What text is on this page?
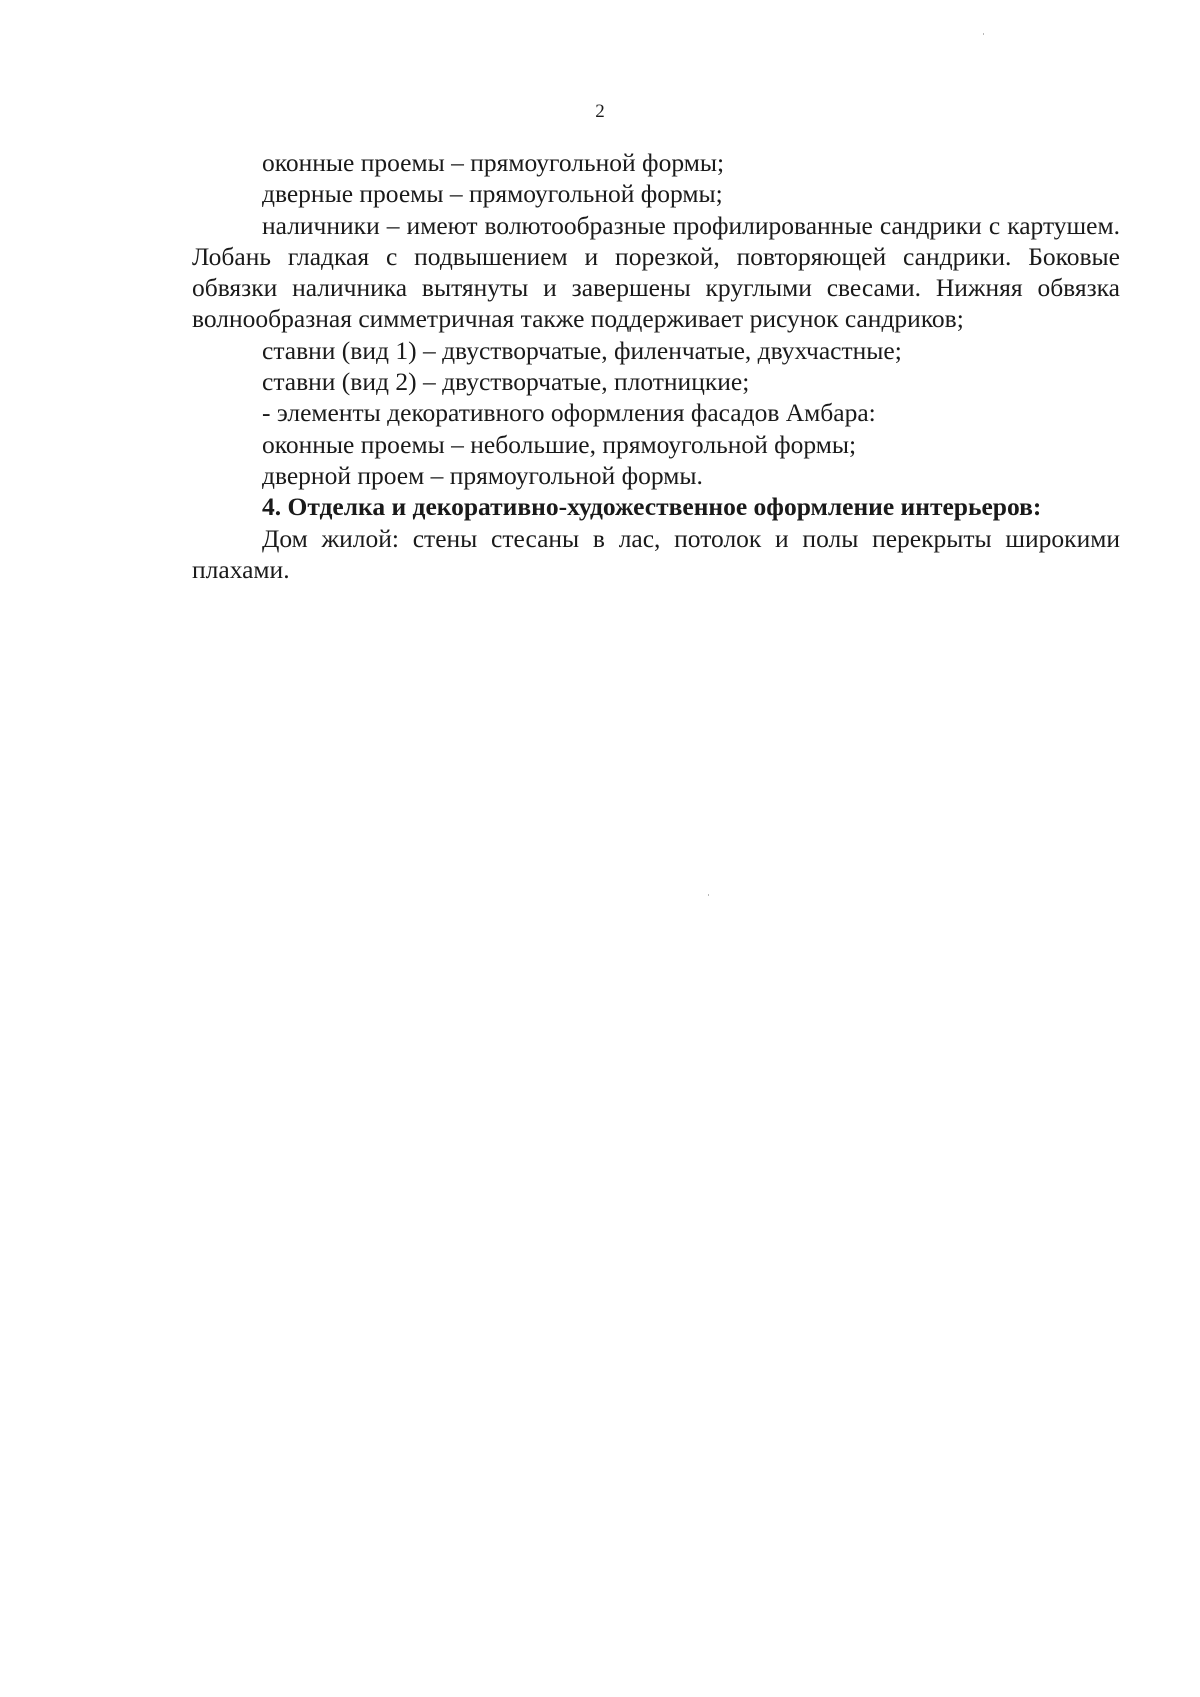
2

оконные проемы – прямоугольной формы;

дверные проемы – прямоугольной формы;

наличники – имеют волютообразные профилированные сандрики с картушем. Лобань гладкая с подвышением и порезкой, повторяющей сандрики. Боковые обвязки наличника вытянуты и завершены круглыми свесами. Нижняя обвязка волнообразная симметричная также поддерживает рисунок сандриков;

ставни (вид 1) – двустворчатые, филенчатые, двухчастные;

ставни (вид 2) – двустворчатые, плотницкие;

- элементы декоративного оформления фасадов Амбара:

оконные проемы – небольшие, прямоугольной формы;

дверной проем – прямоугольной формы.

4. Отделка и декоративно-художественное оформление интерьеров:

Дом жилой: стены стесаны в лас, потолок и полы перекрыты широкими плахами.
